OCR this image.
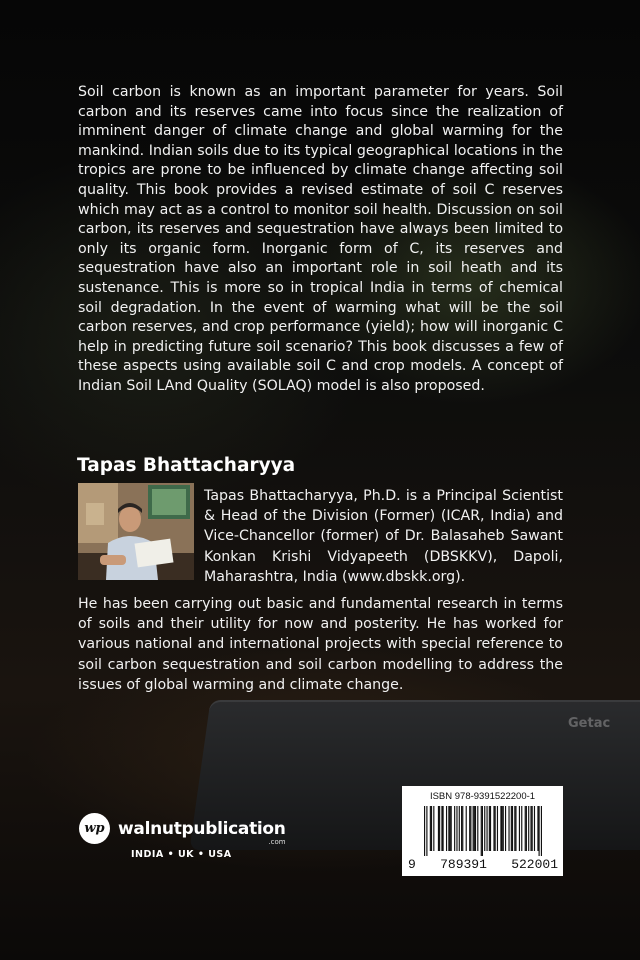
Getac

Soil carbon is known as an important parameter for years. Soil carbon and its reserves came into focus since the realization of imminent danger of climate change and global warming for the mankind. Indian soils due to its typical geographical locations in the tropics are prone to be influenced by climate change affecting soil quality. This book provides a revised estimate of soil C reserves which may act as a control to monitor soil health. Discussion on soil carbon, its reserves and sequestration have always been limited to only its organic form. Inorganic form of C, its reserves and sequestration have also an important role in soil heath and its sustenance. This is more so in tropical India in terms of chemical soil degradation. In the event of warming what will be the soil carbon reserves, and crop performance (yield); how will inorganic C help in predicting future soil scenario? This book discusses a few of these aspects using available soil C and crop models. A concept of Indian Soil LAnd Quality (SOLAQ) model is also proposed.

Tapas Bhattacharyya

Tapas Bhattacharyya, Ph.D. is a Principal Scientist & Head of the Division (Former) (ICAR, India) and Vice-Chancellor (former) of Dr. Balasaheb Sawant Konkan Krishi Vidyapeeth (DBSKKV), Dapoli, Maharashtra, India (www.dbskk.org).

He has been carrying out basic and fundamental research in terms of soils and their utility for now and posterity. He has worked for various national and international projects with special reference to soil carbon sequestration and soil carbon modelling to address the issues of global warming and climate change.

ISBN 978-9391522200-1
9 789391 522001
wp walnutpublication
.com
INDIA • UK • USA
